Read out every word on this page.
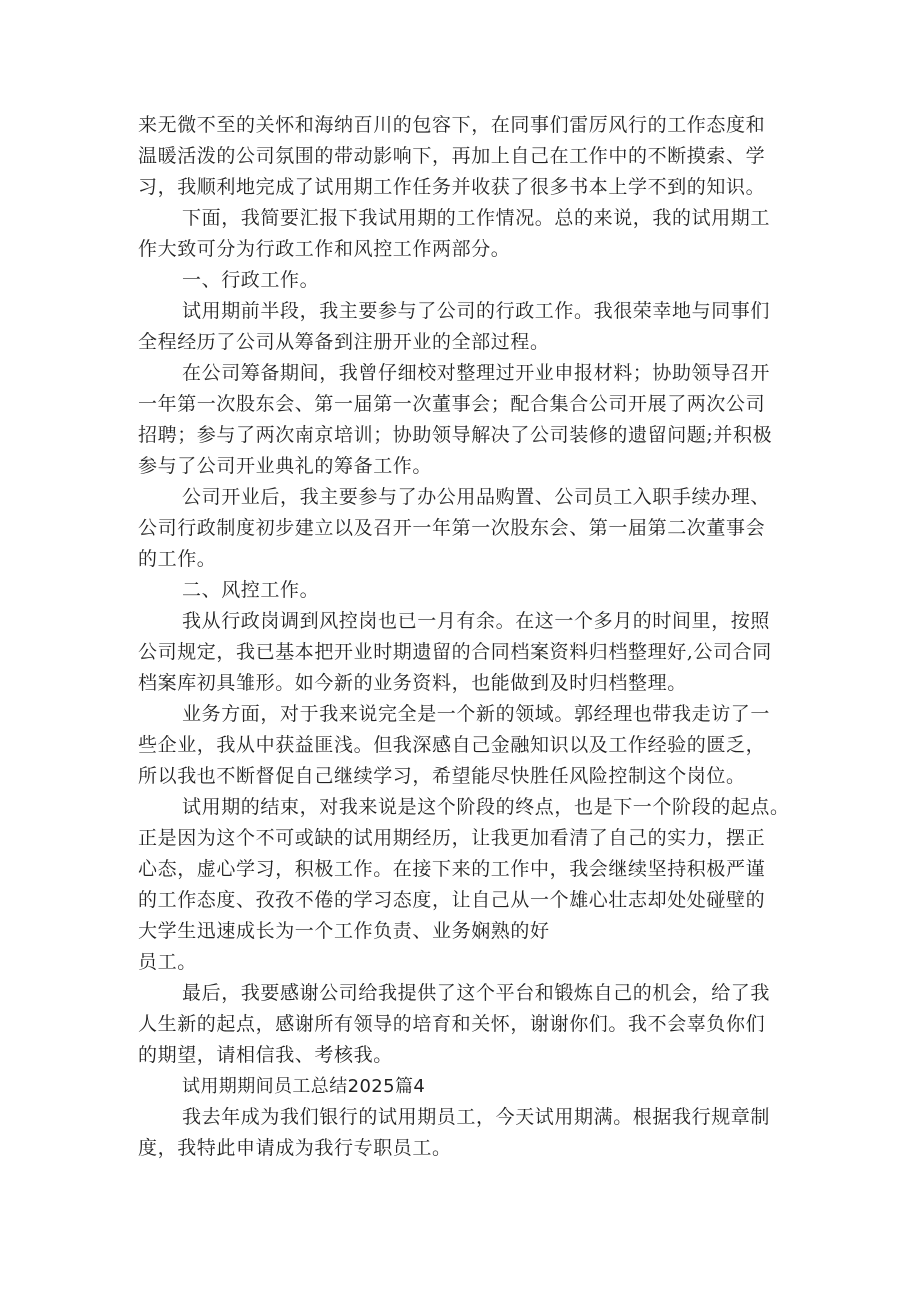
来无微不至的关怀和海纳百川的包容下，在同事们雷厉风行的工作态度和
温暖活泼的公司氛围的带动影响下，再加上自己在工作中的不断摸索、学
习，我顺利地完成了试用期工作任务并收获了很多书本上学不到的知识。
下面，我简要汇报下我试用期的工作情况。总的来说，我的试用期工
作大致可分为行政工作和风控工作两部分。
一、行政工作。
试用期前半段，我主要参与了公司的行政工作。我很荣幸地与同事们
全程经历了公司从筹备到注册开业的全部过程。
在公司筹备期间，我曾仔细校对整理过开业申报材料；协助领导召开
一年第一次股东会、第一届第一次董事会；配合集合公司开展了两次公司
招聘；参与了两次南京培训；协助领导解决了公司装修的遗留问题;并积极
参与了公司开业典礼的筹备工作。
公司开业后，我主要参与了办公用品购置、公司员工入职手续办理、
公司行政制度初步建立以及召开一年第一次股东会、第一届第二次董事会
的工作。
二、风控工作。
我从行政岗调到风控岗也已一月有余。在这一个多月的时间里，按照
公司规定，我已基本把开业时期遗留的合同档案资料归档整理好,公司合同
档案库初具雏形。如今新的业务资料，也能做到及时归档整理。
业务方面，对于我来说完全是一个新的领域。郭经理也带我走访了一
些企业，我从中获益匪浅。但我深感自己金融知识以及工作经验的匮乏，
所以我也不断督促自己继续学习，希望能尽快胜任风险控制这个岗位。
试用期的结束，对我来说是这个阶段的终点，也是下一个阶段的起点。
正是因为这个不可或缺的试用期经历，让我更加看清了自己的实力，摆正
心态，虚心学习，积极工作。在接下来的工作中，我会继续坚持积极严谨
的工作态度、孜孜不倦的学习态度，让自己从一个雄心壮志却处处碰壁的
大学生迅速成长为一个工作负责、业务娴熟的好
员工。
最后，我要感谢公司给我提供了这个平台和锻炼自己的机会，给了我
人生新的起点，感谢所有领导的培育和关怀，谢谢你们。我不会辜负你们
的期望，请相信我、考核我。
试用期期间员工总结2025篇4
我去年成为我们银行的试用期员工，今天试用期满。根据我行规章制
度，我特此申请成为我行专职员工。
